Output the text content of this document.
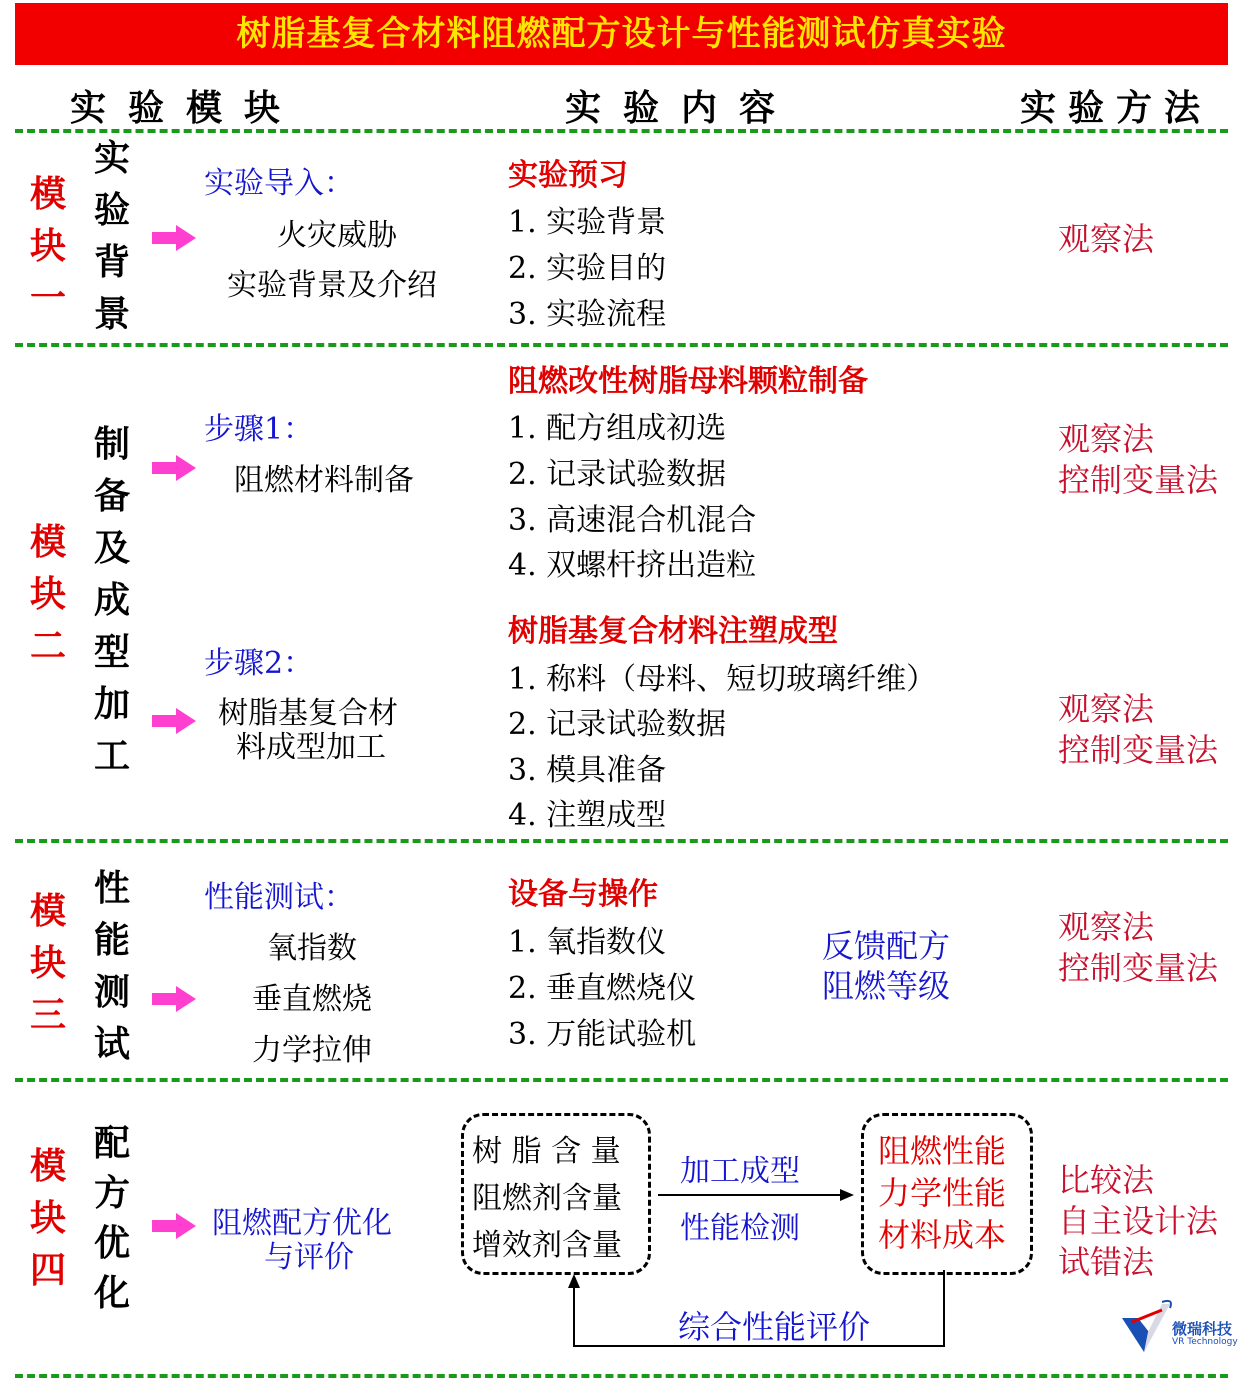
树脂基复合材料阻燃配方设计与性能测试仿真实验
实验模块	实验内容	实验方法
模块一
实验背景
实验导入：
火灾威胁
实验背景及介绍
实验预习
1. 实验背景
2. 实验目的
3. 实验流程
观察法
模块二
制备及成型加工
步骤1：
阻燃材料制备
步骤2：
树脂基复合材
料成型加工
阻燃改性树脂母料颗粒制备
1. 配方组成初选
2. 记录试验数据
3. 高速混合机混合
4. 双螺杆挤出造粒
树脂基复合材料注塑成型
1. 称料（母料、短切玻璃纤维）
2. 记录试验数据
3. 模具准备
4. 注塑成型
观察法
控制变量法
观察法
控制变量法
模块三
性能测试
性能测试：
氧指数
垂直燃烧
力学拉伸
设备与操作
1. 氧指数仪
2. 垂直燃烧仪
3. 万能试验机
反馈配方
阻燃等级
观察法
控制变量法
模块四
配方优化
阻燃配方优化
与评价
树 脂 含 量
阻燃剂含量
增效剂含量
加工成型
性能检测
阻燃性能
力学性能
材料成本
综合性能评价
比较法
自主设计法
试错法
微瑞科技
VR Technology
